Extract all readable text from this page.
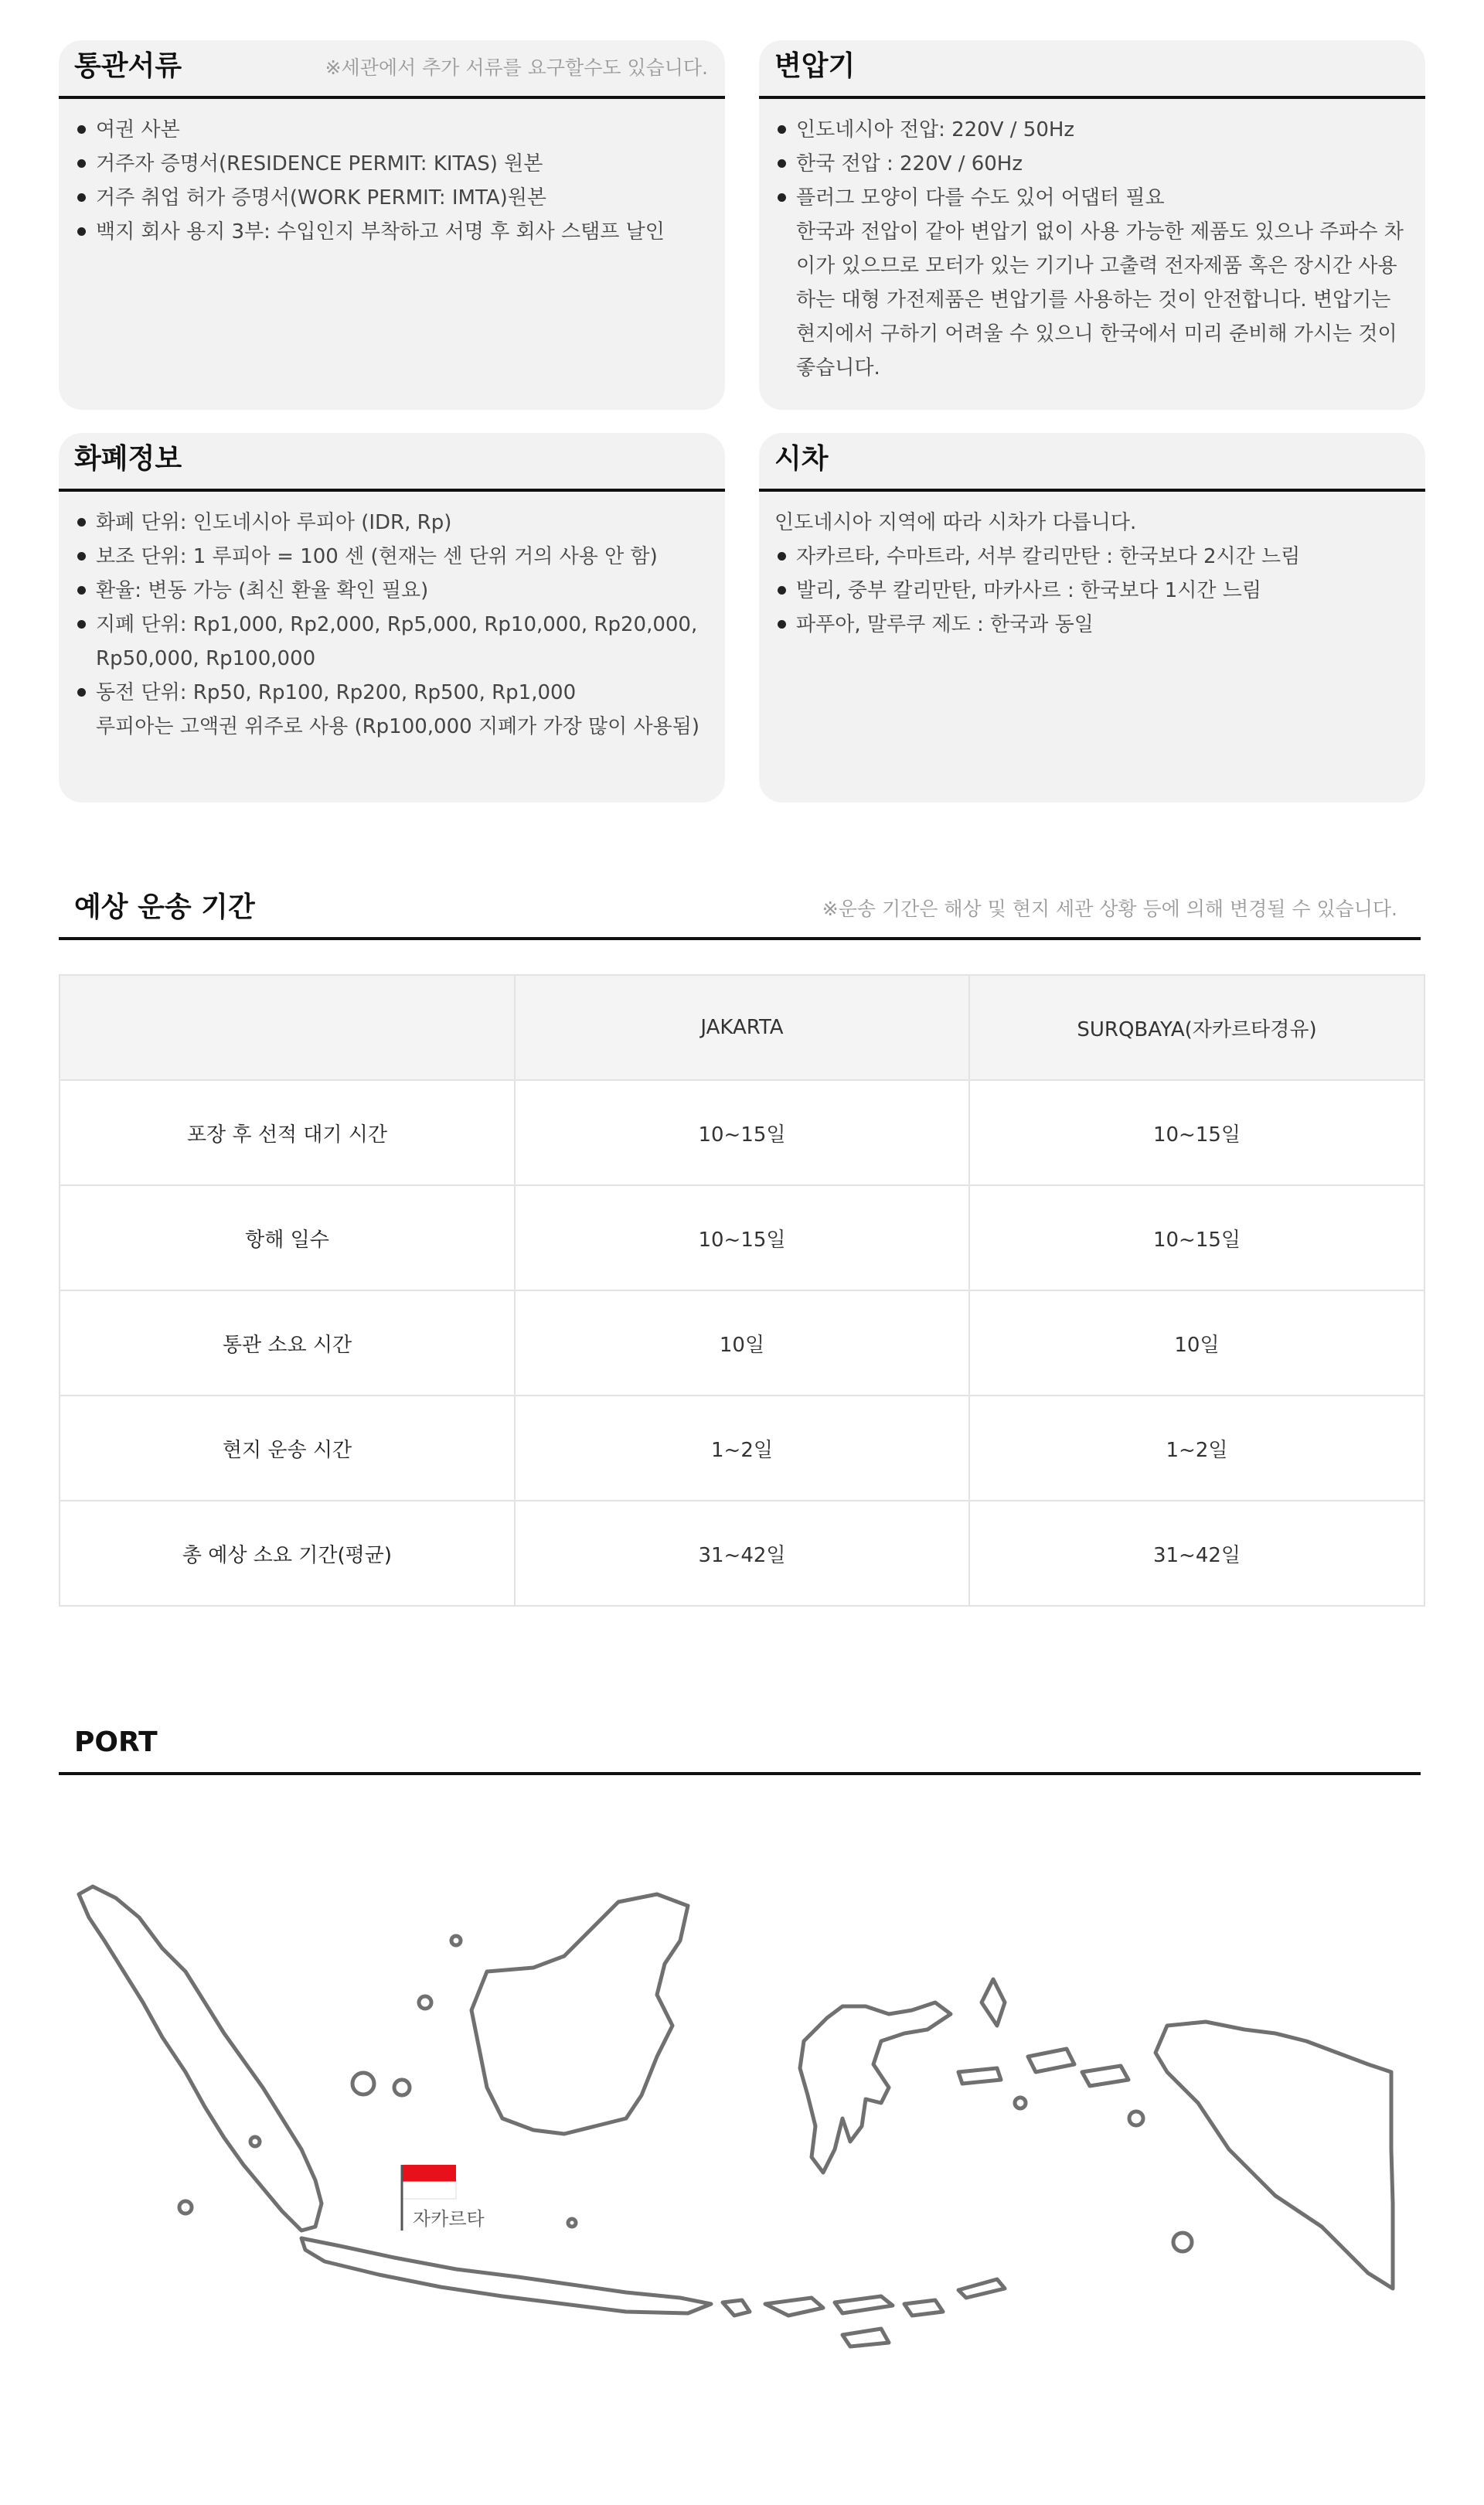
통관서류	※세관에서 추가 서류를 요구할수도 있습니다.
여권 사본
거주자 증명서(RESIDENCE PERMIT: KITAS) 원본
거주 취업 허가 증명서(WORK PERMIT: IMTA)원본
백지 회사 용지 3부: 수입인지 부착하고 서명 후 회사 스탬프 날인
변압기
인도네시아 전압: 220V / 50Hz
한국 전압 : 220V / 60Hz
플러그 모양이 다를 수도 있어 어댑터 필요
한국과 전압이 같아 변압기 없이 사용 가능한 제품도 있으나 주파수 차이가 있으므로 모터가 있는 기기나 고출력 전자제품 혹은 장시간 사용하는 대형 가전제품은 변압기를 사용하는 것이 안전합니다. 변압기는 현지에서 구하기 어려울 수 있으니 한국에서 미리 준비해 가시는 것이 좋습니다.
화폐정보
화폐 단위: 인도네시아 루피아 (IDR, Rp)
보조 단위: 1 루피아 = 100 센 (현재는 센 단위 거의 사용 안 함)
환율: 변동 가능 (최신 환율 확인 필요)
지폐 단위: Rp1,000, Rp2,000, Rp5,000, Rp10,000, Rp20,000, Rp50,000, Rp100,000
동전 단위: Rp50, Rp100, Rp200, Rp500, Rp1,000
루피아는 고액권 위주로 사용 (Rp100,000 지폐가 가장 많이 사용됨)
시차
인도네시아 지역에 따라 시차가 다릅니다.
자카르타, 수마트라, 서부 칼리만탄 : 한국보다 2시간 느림
발리, 중부 칼리만탄, 마카사르 : 한국보다 1시간 느림
파푸아, 말루쿠 제도 : 한국과 동일
예상 운송 기간	※운송 기간은 해상 및 현지 세관 상황 등에 의해 변경될 수 있습니다.
	JAKARTA	SURQBAYA(자카르타경유)
포장 후 선적 대기 시간	10~15일	10~15일
항해 일수	10~15일	10~15일
통관 소요 시간	10일	10일
현지 운송 시간	1~2일	1~2일
총 예상 소요 기간(평균)	31~42일	31~42일
PORT
자카르타
